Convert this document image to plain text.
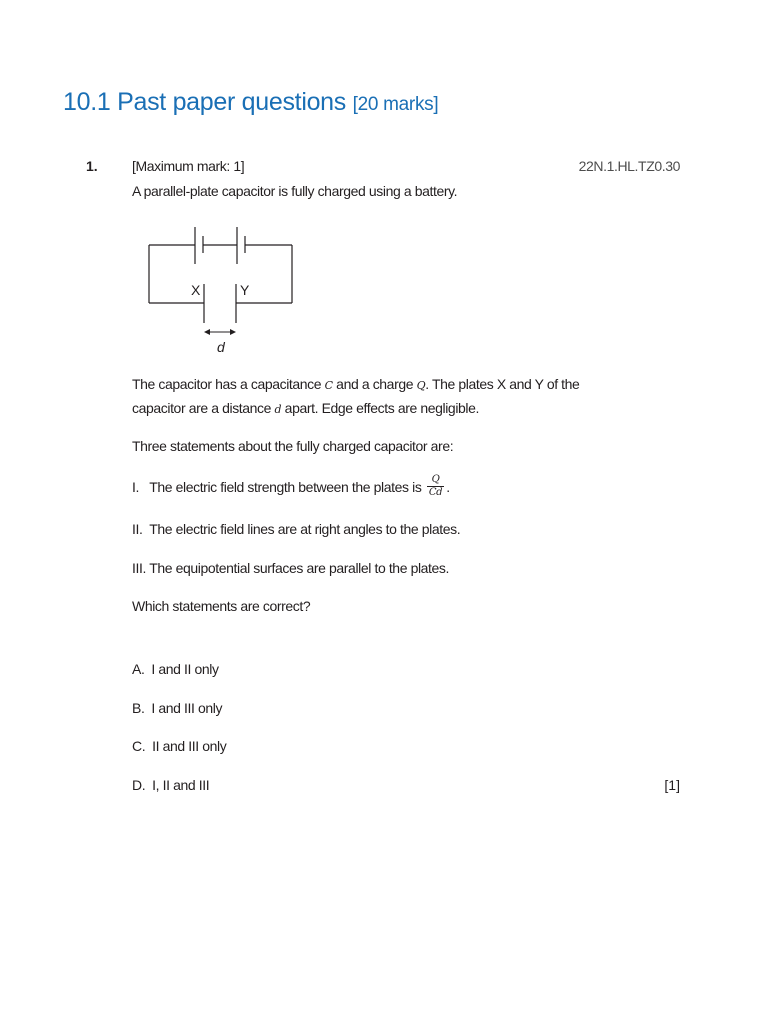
10.1 Past paper questions [20 marks]
1. [Maximum mark: 1]	22N.1.HL.TZ0.30
A parallel-plate capacitor is fully charged using a battery.
X	Y
d
The capacitor has a capacitance C and a charge Q. The plates X and Y of the
capacitor are a distance d apart. Edge effects are negligible.
Three statements about the fully charged capacitor are:
I.   The electric field strength between the plates is $\frac{Q}{Cd}$ .
II.  The electric field lines are at right angles to the plates.
III. The equipotential surfaces are parallel to the plates.
Which statements are correct?
A.  I and II only
B.  I and III only
C.  II and III only
D.  I, II and III	[1]
